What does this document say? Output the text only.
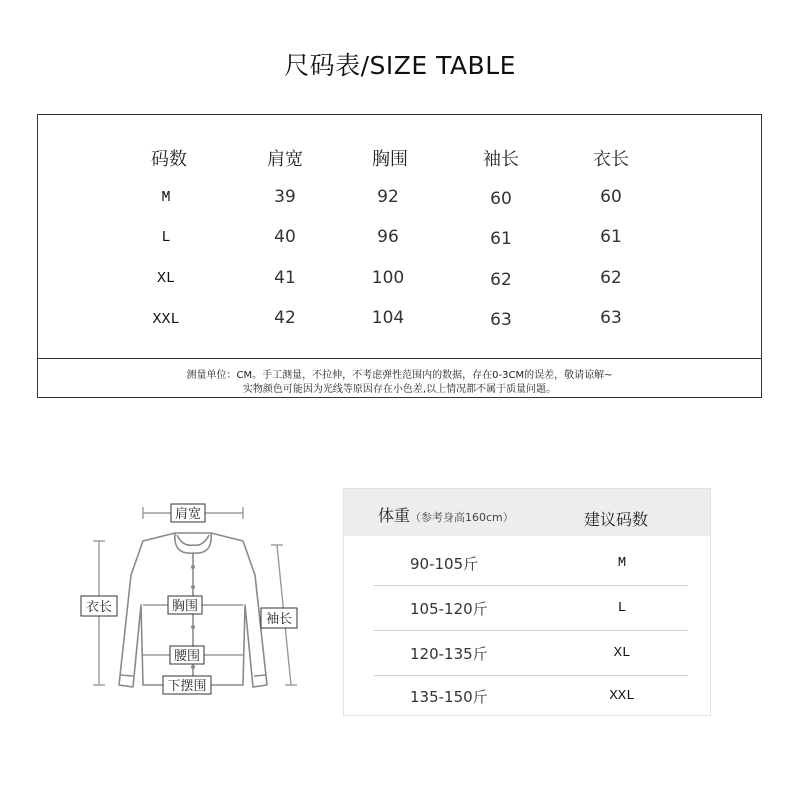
尺码表/SIZE TABLE
码数	肩宽	胸围	袖长	衣长
M	39	92	60	60
L	40	96	61	61
XL	41	100	62	62
XXL	42	104	63	63
测量单位：CM。手工测量，不拉伸，不考虑弹性范围内的数据，存在0-3CM的误差，敬请谅解~
实物颜色可能因为光线等原因存在小色差,以上情况都不属于质量问题。
肩宽
胸围
腰围
下摆围
衣长
袖长
体重（参考身高160cm）	建议码数
90-105斤	M
105-120斤	L
120-135斤	XL
135-150斤	XXL
